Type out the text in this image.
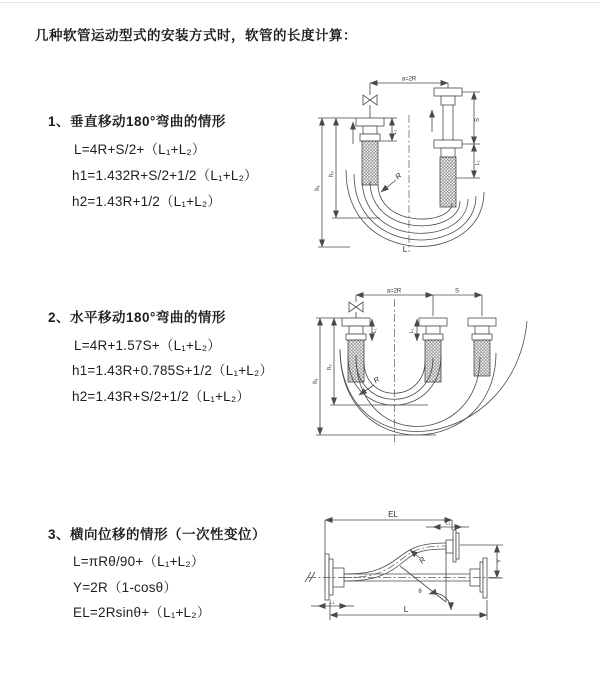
几种软管运动型式的安装方式时，软管的长度计算：
1、垂直移动180°弯曲的情形
L=4R+S/2+（L₁+L₂）
h1=1.432R+S/2+1/2（L₁+L₂）
h2=1.43R+1/2（L₁+L₂）
2、水平移动180°弯曲的情形
L=4R+1.57S+（L₁+L₂）
h1=1.43R+0.785S+1/2（L₁+L₂）
h2=1.43R+S/2+1/2（L₁+L₂）
3、横向位移的情形（一次性变位）
L=πRθ/90+（L₁+L₂）
Y=2R（1-cosθ）
EL=2Rsinθ+（L₁+L₂）
a=2R
L₁
S
L₁
h₁
h₂	R
L
a=2R	S
L₁	L₁
h₁
h₂
R
EL
L₁
θ
R	Y
L₁
L
